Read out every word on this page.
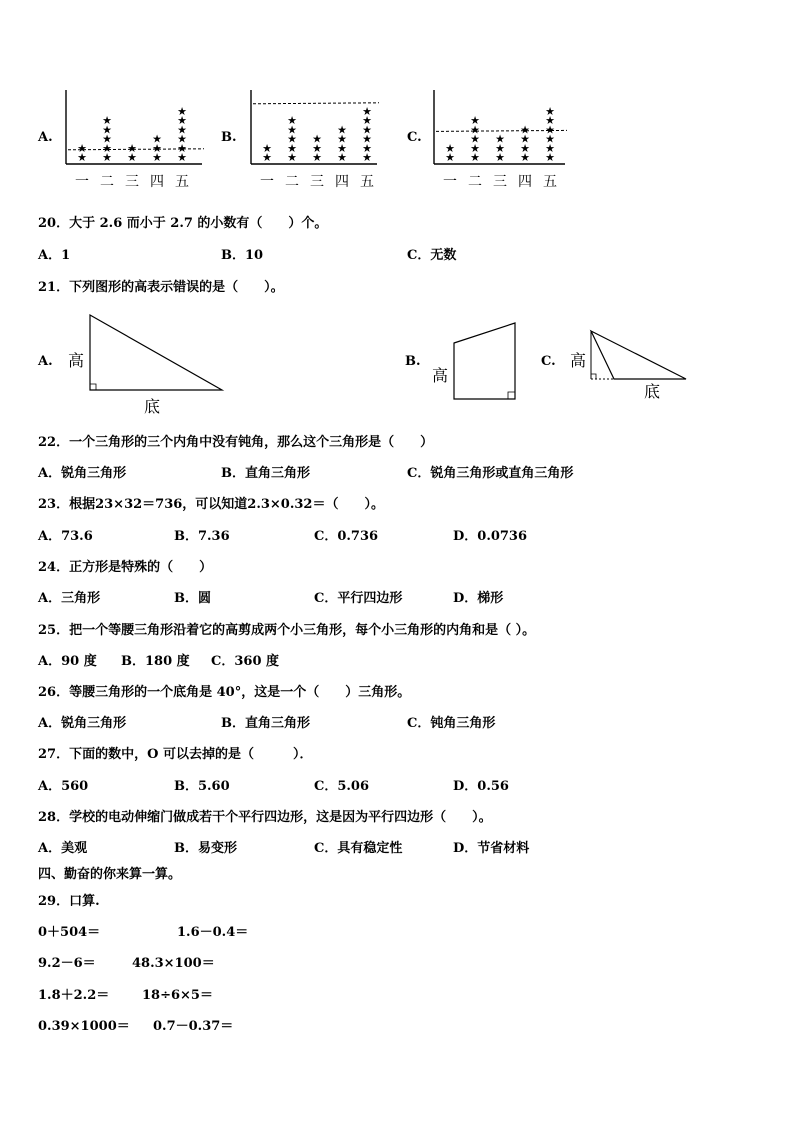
A.	B.	C.
★
★
一
★
★
★
★
★
二
★
★
三
★
★
★
四
★
★
★
★
★
★
五
★
★
一
★
★
★
★
★
二
★
★
★
三
★
★
★
★
四
★
★
★
★
★
★
五
★
★
一
★
★
★
★
★
二
★
★
★
三
★
★
★
★
四
★
★
★
★
★
★
五
20．大于 2.6 而小于 2.7 的小数有（　　）个。
A．1	B．10	C．无数
21．下列图形的高表示错误的是（　　）。
A.	B.	C.
高
底
高
高
底
22．一个三角形的三个内角中没有钝角，那么这个三角形是（　　）
A．锐角三角形	B．直角三角形	C．锐角三角形或直角三角形
23．根据23×32＝736，可以知道2.3×0.32＝（　　）。
A．73.6	B．7.36	C．0.736	D．0.0736
24．正方形是特殊的（　　）
A．三角形	B．圆	C．平行四边形	D．梯形
25．把一个等腰三角形沿着它的高剪成两个小三角形，每个小三角形的内角和是（ ）。
A．90 度 B．180 度 C．360 度
26．等腰三角形的一个底角是 40°，这是一个（　　）三角形。
A．锐角三角形	B．直角三角形	C．钝角三角形
27．下面的数中，O 可以去掉的是（　　　）．
A．560	B．5.60	C．5.06	D．0.56
28．学校的电动伸缩门做成若干个平行四边形，这是因为平行四边形（　　）。
A．美观	B．易变形	C．具有稳定性	D．节省材料
四、勤奋的你来算一算。
29．口算.
0＋504＝	1.6－0.4＝
9.2－6＝	48.3×100＝
1.8＋2.2＝	18÷6×5＝
0.39×1000＝ 0.7－0.37＝
